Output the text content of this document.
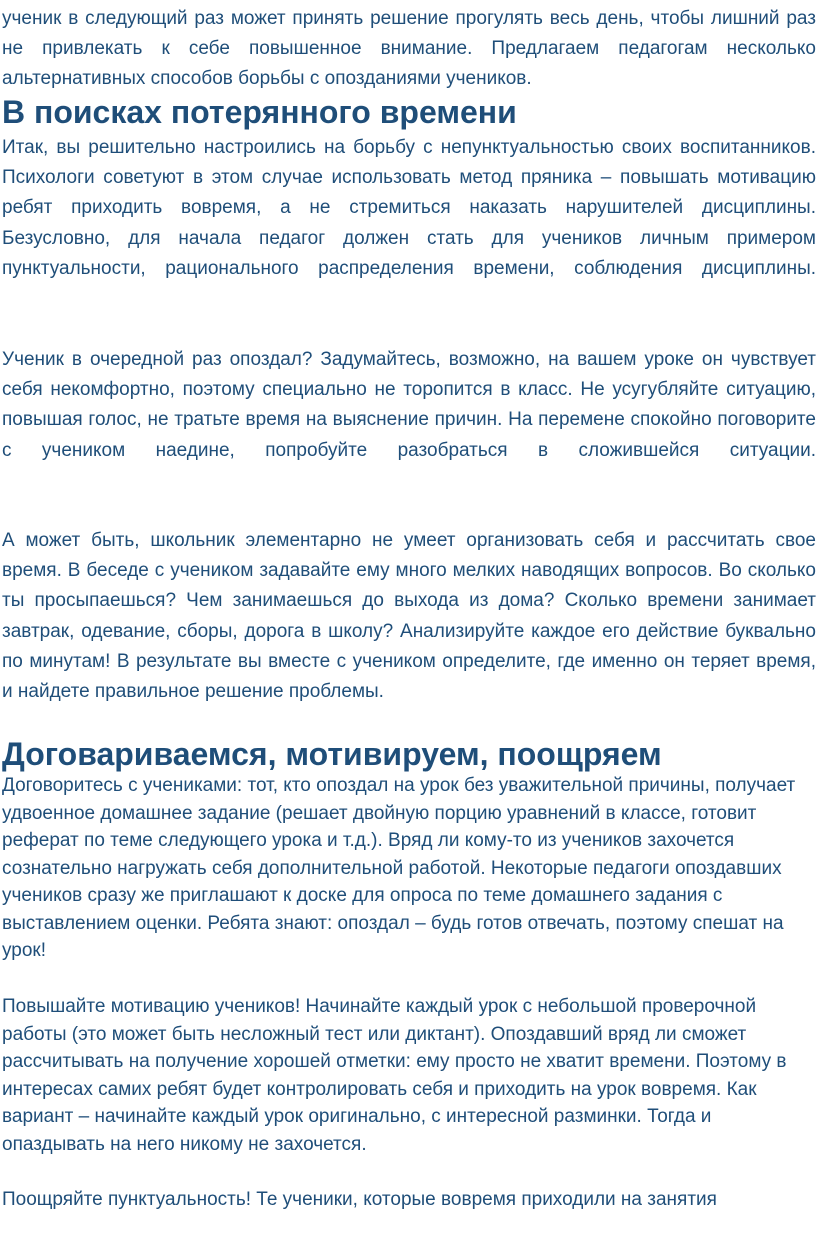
ученик в следующий раз может принять решение прогулять весь день, чтобы лишний раз не привлекать к себе повышенное внимание. Предлагаем педагогам несколько альтернативных способов борьбы с опозданиями учеников.

В поисках потерянного времени

Итак, вы решительно настроились на борьбу с непунктуальностью своих воспитанников. Психологи советуют в этом случае использовать метод пряника – повышать мотивацию ребят приходить вовремя, а не стремиться наказать нарушителей дисциплины. Безусловно, для начала педагог должен стать для учеников личным примером пунктуальности, рационального распределения времени, соблюдения дисциплины.

Ученик в очередной раз опоздал? Задумайтесь, возможно, на вашем уроке он чувствует себя некомфортно, поэтому специально не торопится в класс. Не усугубляйте ситуацию, повышая голос, не тратьте время на выяснение причин. На перемене спокойно поговорите с учеником наедине, попробуйте разобраться в сложившейся ситуации.

А может быть, школьник элементарно не умеет организовать себя и рассчитать свое время. В беседе с учеником задавайте ему много мелких наводящих вопросов. Во сколько ты просыпаешься? Чем занимаешься до выхода из дома? Сколько времени занимает завтрак, одевание, сборы, дорога в школу? Анализируйте каждое его действие буквально по минутам! В результате вы вместе с учеником определите, где именно он теряет время, и найдете правильное решение проблемы.

Договариваемся, мотивируем, поощряем

Договоритесь с учениками: тот, кто опоздал на урок без уважительной причины, получает удвоенное домашнее задание (решает двойную порцию уравнений в классе, готовит реферат по теме следующего урока и т.д.). Вряд ли кому-то из учеников захочется сознательно нагружать себя дополнительной работой. Некоторые педагоги опоздавших учеников сразу же приглашают к доске для опроса по теме домашнего задания с выставлением оценки. Ребята знают: опоздал – будь готов отвечать, поэтому спешат на урок!

Повышайте мотивацию учеников! Начинайте каждый урок с небольшой проверочной работы (это может быть несложный тест или диктант). Опоздавший вряд ли сможет рассчитывать на получение хорошей отметки: ему просто не хватит времени. Поэтому в интересах самих ребят будет контролировать себя и приходить на урок вовремя. Как вариант – начинайте каждый урок оригинально, с интересной разминки. Тогда и опаздывать на него никому не захочется.

Поощряйте пунктуальность! Те ученики, которые вовремя приходили на занятия
